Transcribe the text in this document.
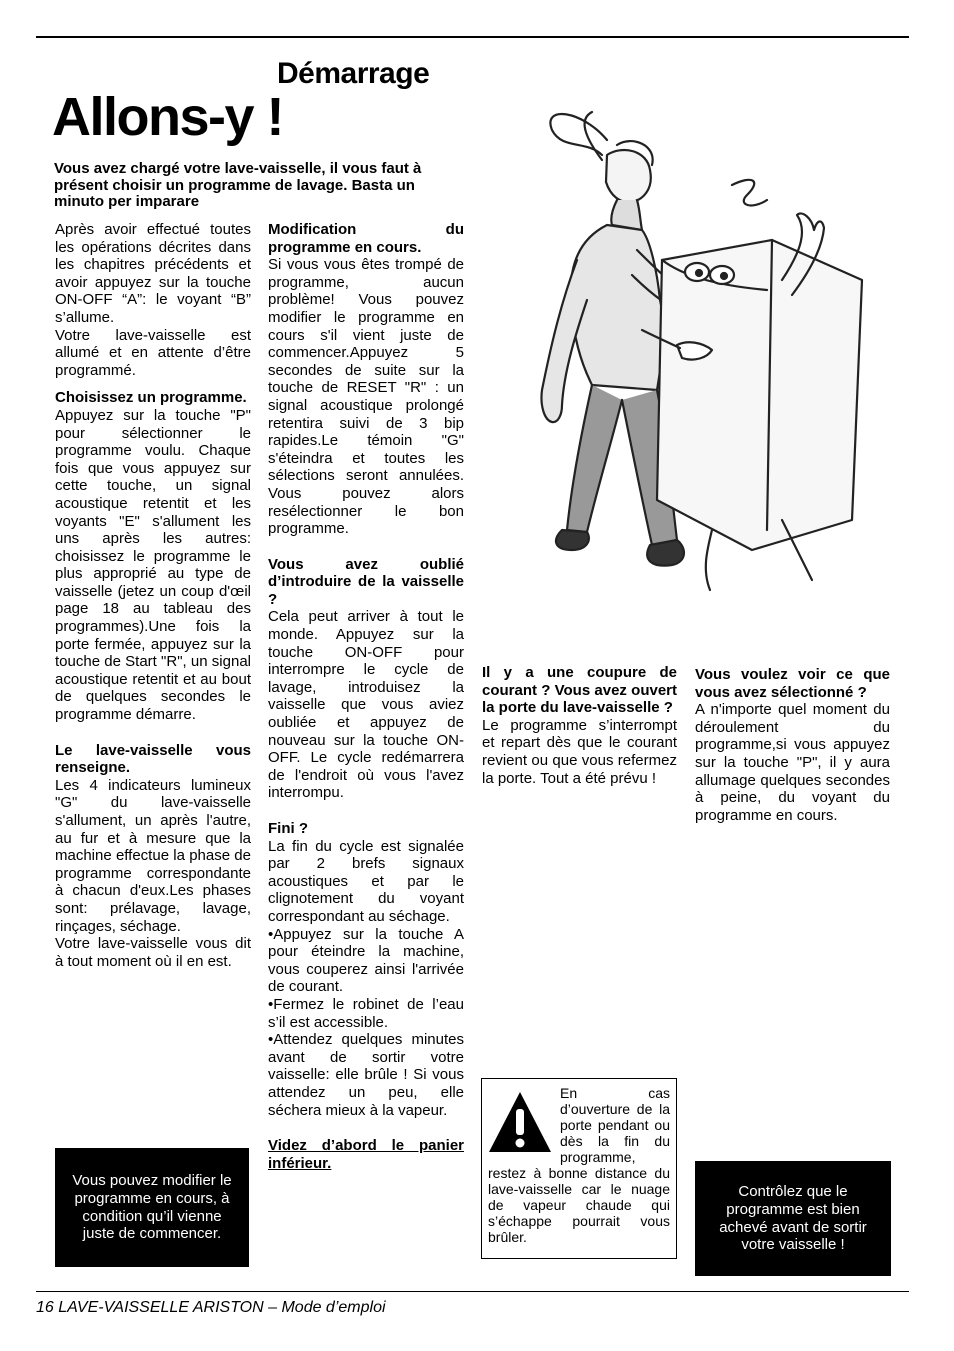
Démarrage
Allons-y !
Vous avez chargé votre lave-vaisselle, il vous faut à présent choisir un programme de lavage. Basta un minuto per imparare

Après avoir effectué toutes les opérations décrites dans les chapitres précédents et avoir appuyez sur la touche ON-OFF “A”: le voyant “B” s’allume.

Votre lave-vaisselle est allumé et en attente d’être programmé.

Choisissez un programme.

Appuyez sur la touche "P" pour sélectionner le programme voulu. Chaque fois que vous appuyez sur cette touche, un signal acoustique retentit et les voyants "E" s'allument les uns après les autres: choisissez le programme le plus approprié au type de vaisselle (jetez un coup d'œil page 18 au tableau des programmes).Une fois la porte fermée, appuyez sur la touche de Start "R", un signal acoustique retentit et au bout de quelques secondes le programme démarre.

Le lave-vaisselle vous renseigne.

Les 4 indicateurs lumineux "G" du lave-vaisselle s'allument, un après l'autre, au fur et à mesure que la machine effectue la phase de programme correspondante à chacun d'eux.Les phases sont: prélavage, lavage, rinçages, séchage.

Votre lave-vaisselle vous dit à tout moment où il en est.

Modification du programme en cours.

Si vous vous êtes trompé de programme, aucun problème! Vous pouvez modifier le programme en cours s'il vient juste de commencer.Appuyez 5 secondes de suite sur la touche de RESET "R" : un signal acoustique prolongé retentira suivi de 3 bip rapides.Le témoin "G" s'éteindra et toutes les sélections seront annulées. Vous pouvez alors resélectionner le bon programme.

Vous avez oublié d’introduire de la vaisselle ?

Cela peut arriver à tout le monde. Appuyez sur la touche ON-OFF pour interrompre le cycle de lavage, introduisez la vaisselle que vous aviez oubliée et appuyez de nouveau sur la touche ON-OFF. Le cycle redémarrera de l'endroit où vous l'avez interrompu.

Fini ?

La fin du cycle est signalée par 2 brefs signaux acoustiques et par le clignotement du voyant correspondant au séchage.

•Appuyez sur la touche A pour éteindre la machine, vous couperez ainsi l'arrivée de courant.

•Fermez le robinet de l’eau s’il est accessible.

•Attendez quelques minutes avant de sortir votre vaisselle: elle brûle ! Si vous attendez un peu, elle séchera mieux à la vapeur.

Videz d’abord le panier inférieur.

Il y a une coupure de courant ? Vous avez ouvert la porte du lave-vaisselle ?

Le programme s’interrompt et repart dès que le courant revient ou que vous refermez la porte. Tout a été prévu !

Vous voulez voir ce que vous avez sélectionné ?

A n'importe quel moment du déroulement du programme,si vous appuyez sur la touche "P", il y aura allumage quelques secondes à peine, du voyant du programme en cours.

Vous pouvez modifier le programme en cours, à condition qu’il vienne juste de commencer.
En cas d’ouverture de la porte pendant ou dès la fin du programme, restez à bonne distance du lave-vaisselle car le nuage de vapeur chaude qui s’échappe pourrait vous brûler.
Contrôlez que le programme est bien achevé avant de sortir votre vaisselle !
16 LAVE-VAISSELLE ARISTON – Mode d’emploi
